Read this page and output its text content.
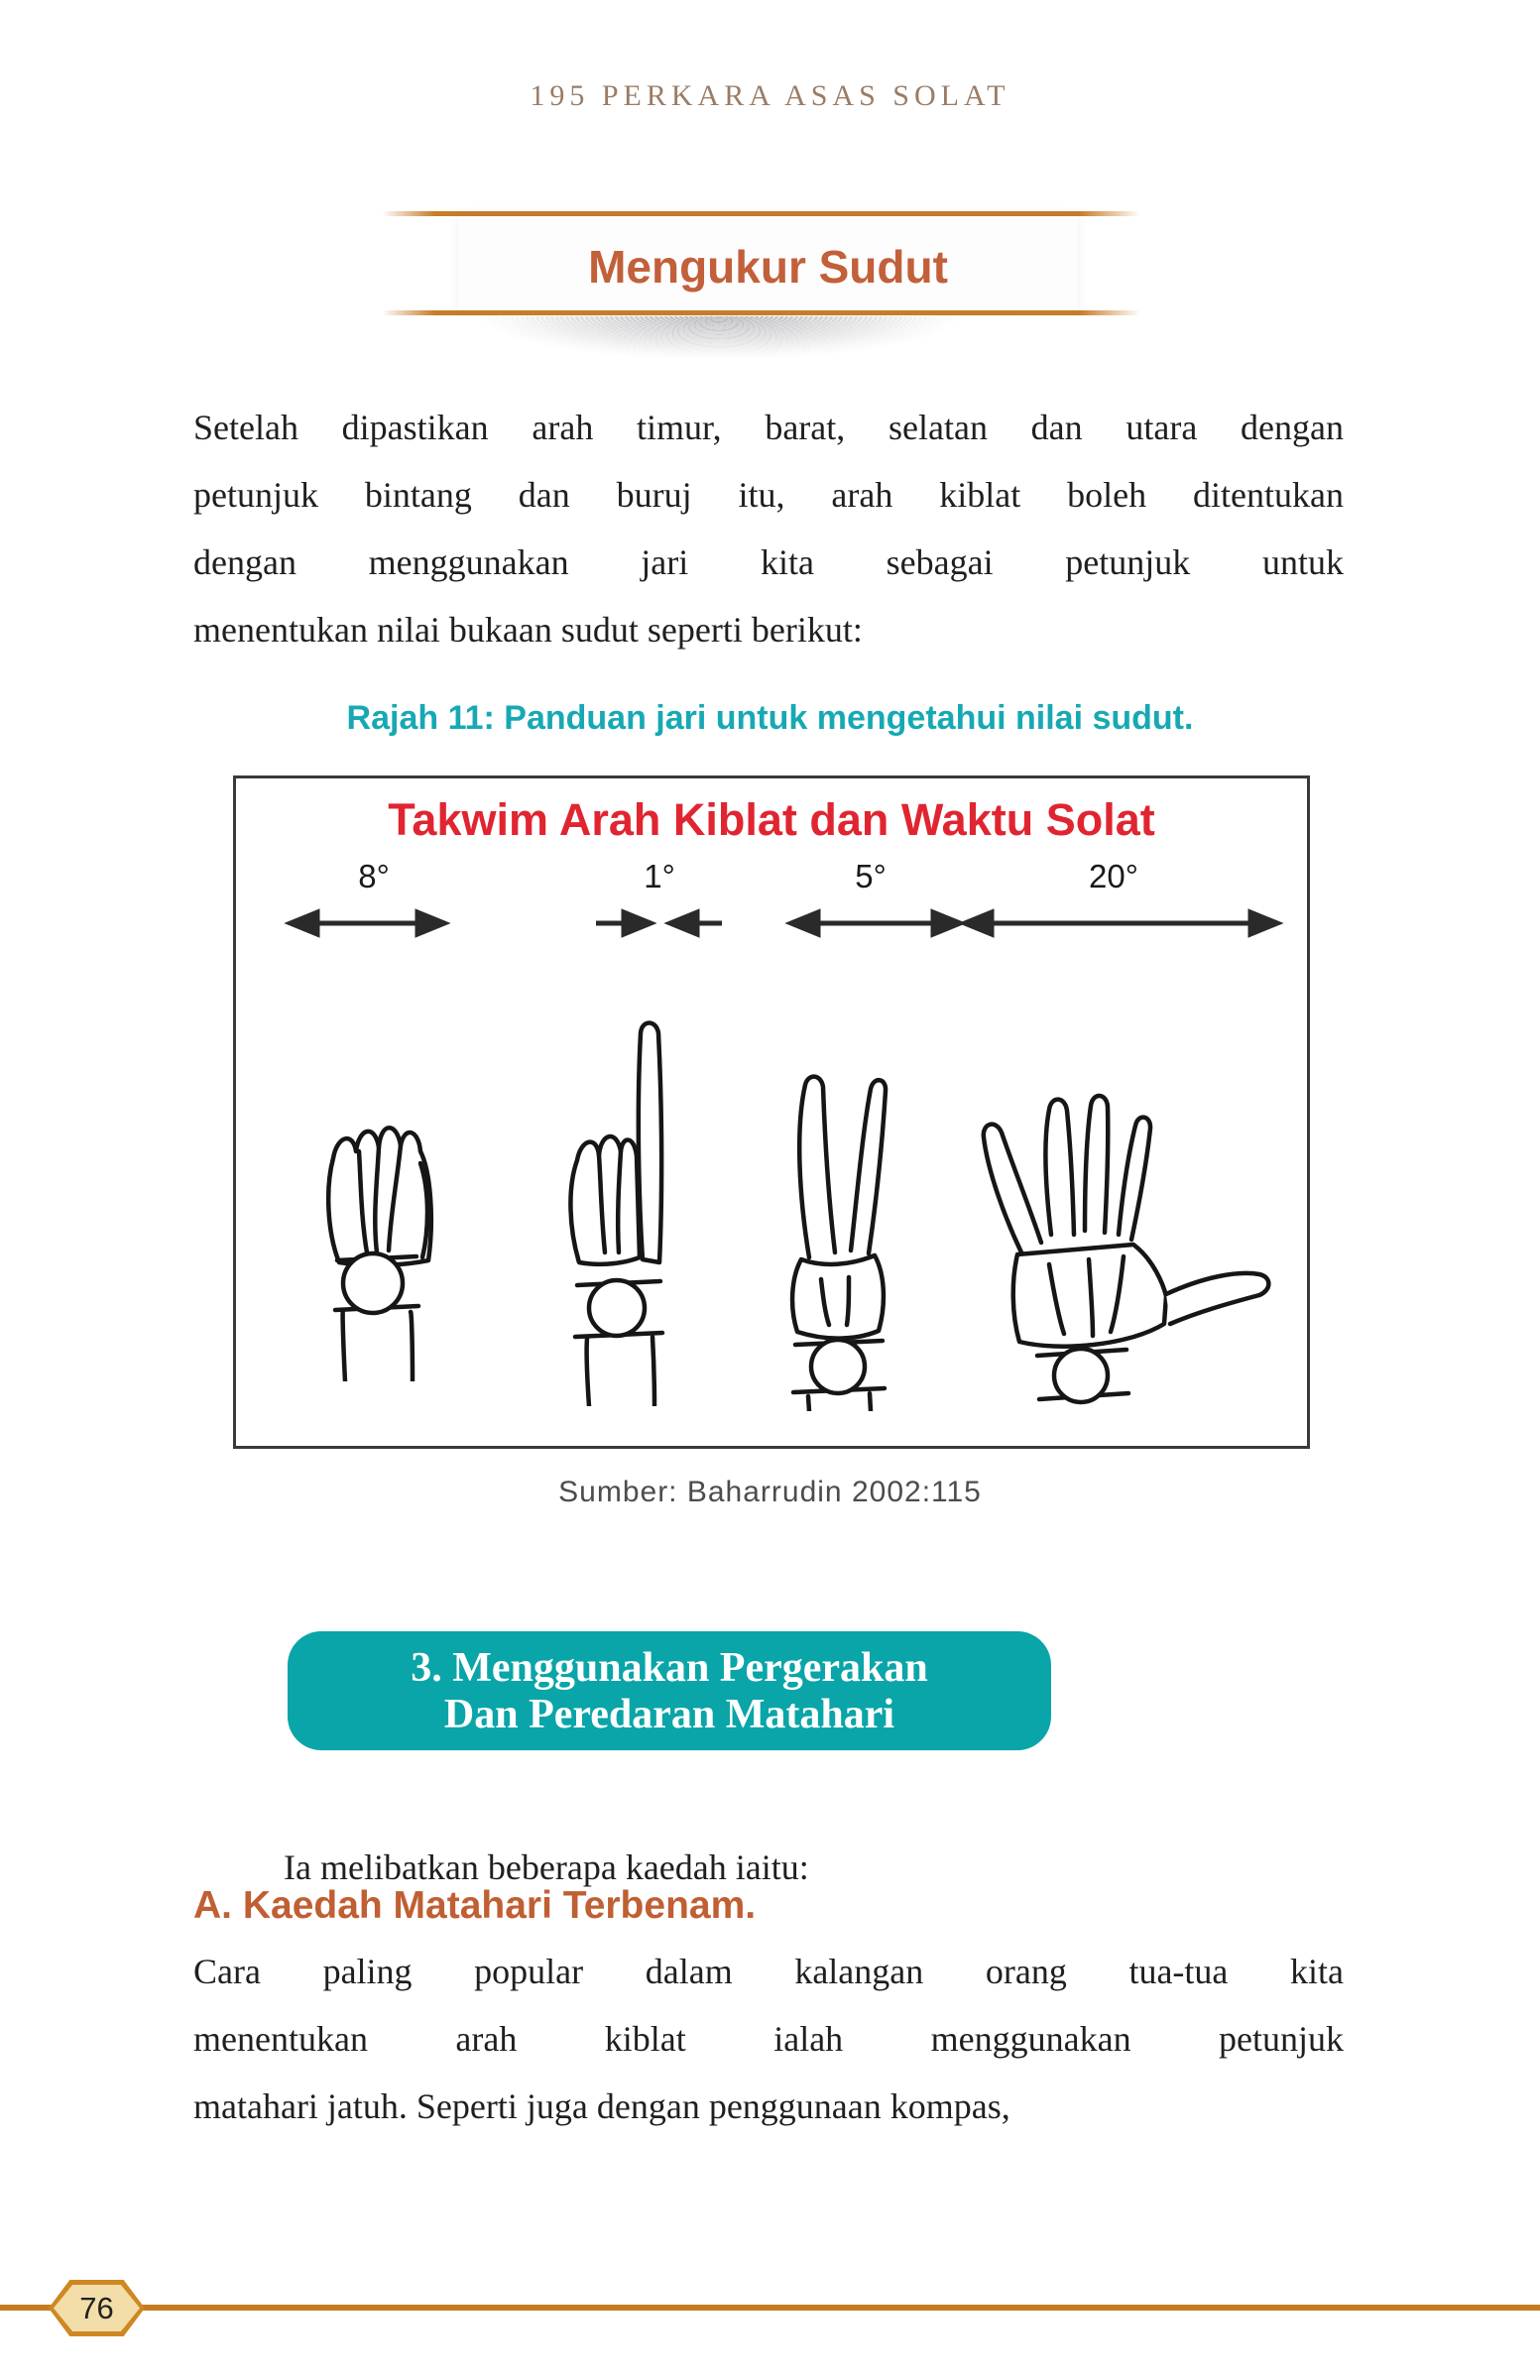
195 PERKARA ASAS SOLAT
Mengukur Sudut
Setelah dipastikan arah timur, barat, selatan dan utara dengan
petunjuk bintang dan buruj itu, arah kiblat boleh ditentukan
dengan menggunakan jari kita sebagai petunjuk untuk
menentukan nilai bukaan sudut seperti berikut:
Rajah 11: Panduan jari untuk mengetahui nilai sudut.
Takwim Arah Kiblat dan Waktu Solat
8°	1°	5°	20°
Sumber: Baharrudin 2002:115
3. Menggunakan Pergerakan
Dan Peredaran Matahari
Ia melibatkan beberapa kaedah iaitu:
A. Kaedah Matahari Terbenam.
Cara paling popular dalam kalangan orang tua-tua kita
menentukan arah kiblat ialah menggunakan petunjuk
matahari jatuh. Seperti juga dengan penggunaan kompas,
76
